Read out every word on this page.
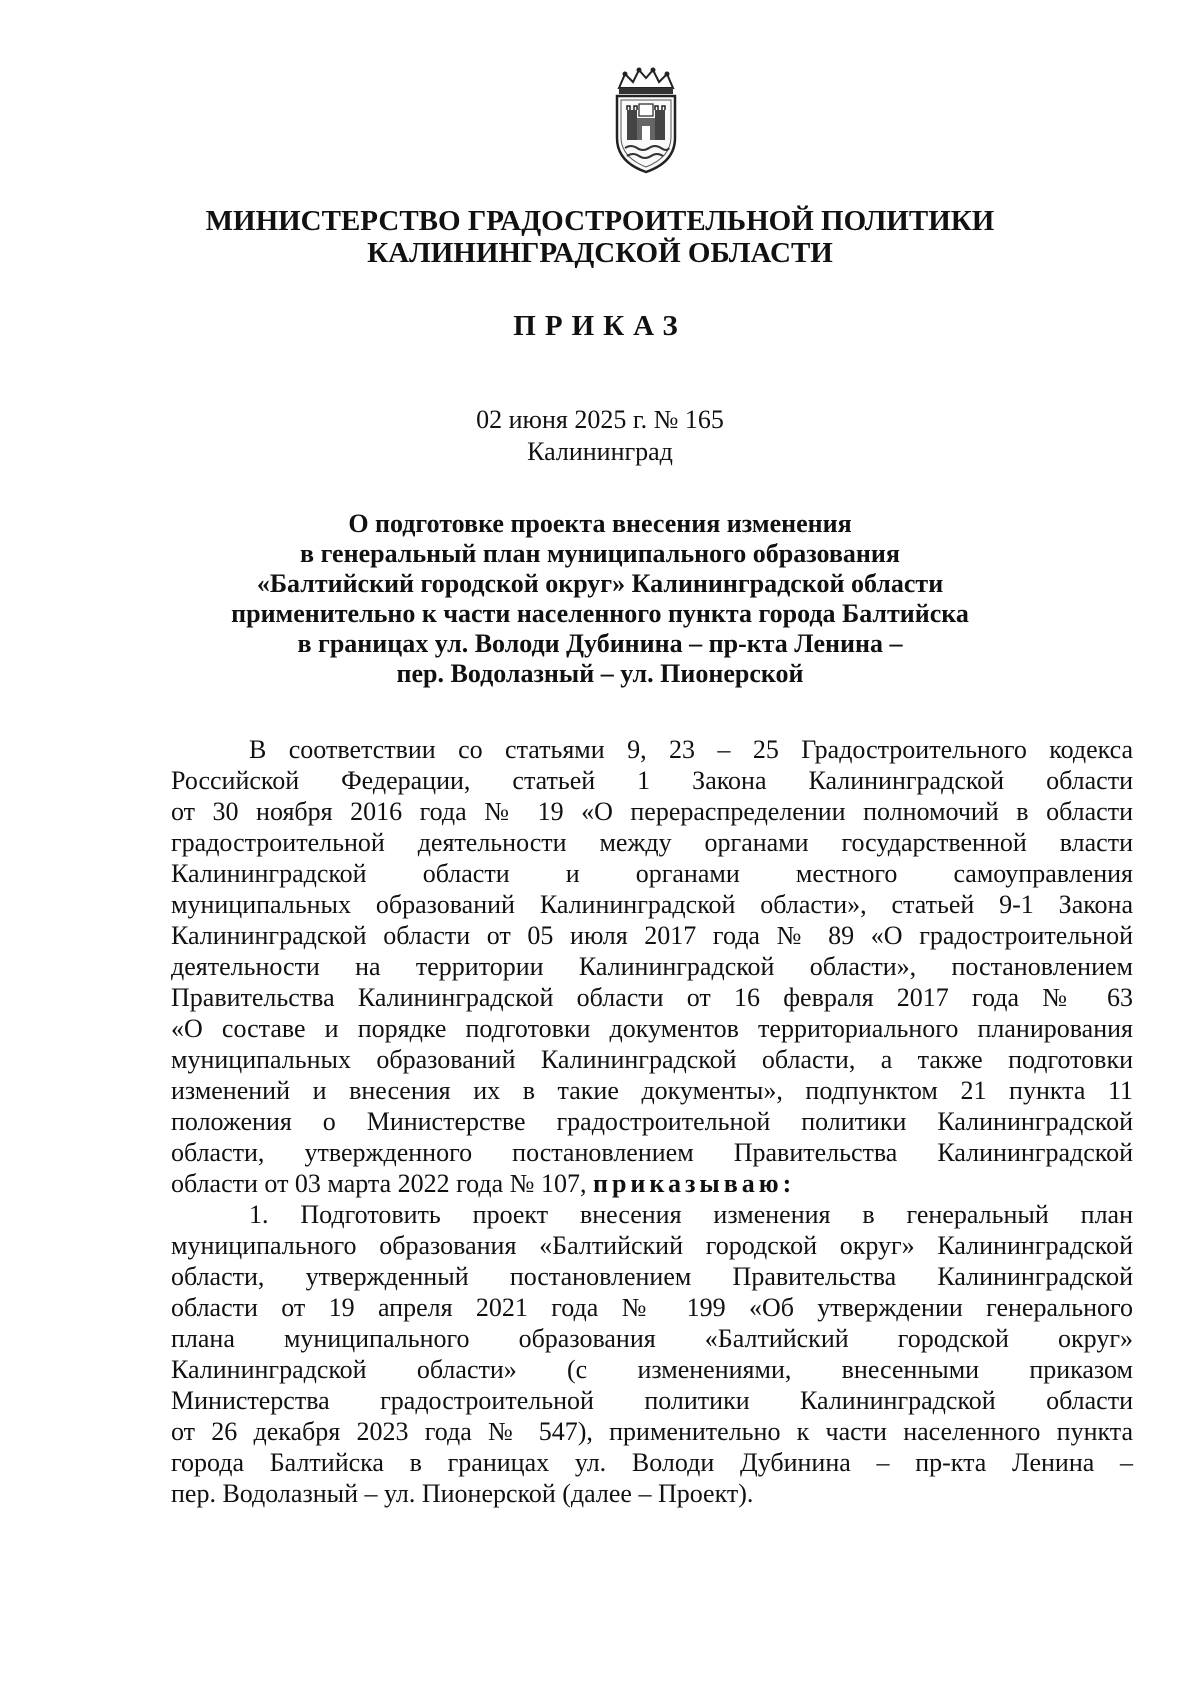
МИНИСТЕРСТВО ГРАДОСТРОИТЕЛЬНОЙ ПОЛИТИКИ
КАЛИНИНГРАДСКОЙ ОБЛАСТИ
ПРИКАЗ
02 июня 2025 г. № 165
Калининград
О подготовке проекта внесения изменения
в генеральный план муниципального образования
«Балтийский городской округ» Калининградской области
применительно к части населенного пункта города Балтийска
в границах ул. Володи Дубинина – пр-кта Ленина –
пер. Водолазный – ул. Пионерской
В соответствии со статьями 9, 23 – 25 Градостроительного кодекса
Российской Федерации, статьей 1 Закона Калининградской области
от 30 ноября 2016 года № 19 «О перераспределении полномочий в области
градостроительной деятельности между органами государственной власти
Калининградской области и органами местного самоуправления
муниципальных образований Калининградской области», статьей 9-1 Закона
Калининградской области от 05 июля 2017 года № 89 «О градостроительной
деятельности на территории Калининградской области», постановлением
Правительства Калининградской области от 16 февраля 2017 года № 63
«О составе и порядке подготовки документов территориального планирования
муниципальных образований Калининградской области, а также подготовки
изменений и внесения их в такие документы», подпунктом 21 пункта 11
положения о Министерстве градостроительной политики Калининградской
области, утвержденного постановлением Правительства Калининградской
области от 03 марта 2022 года № 107, приказываю:
1. Подготовить проект внесения изменения в генеральный план
муниципального образования «Балтийский городской округ» Калининградской
области, утвержденный постановлением Правительства Калининградской
области от 19 апреля 2021 года № 199 «Об утверждении генерального
плана муниципального образования «Балтийский городской округ»
Калининградской области» (с изменениями, внесенными приказом
Министерства градостроительной политики Калининградской области
от 26 декабря 2023 года № 547), применительно к части населенного пункта
города Балтийска в границах ул. Володи Дубинина – пр-кта Ленина –
пер. Водолазный – ул. Пионерской (далее – Проект).
